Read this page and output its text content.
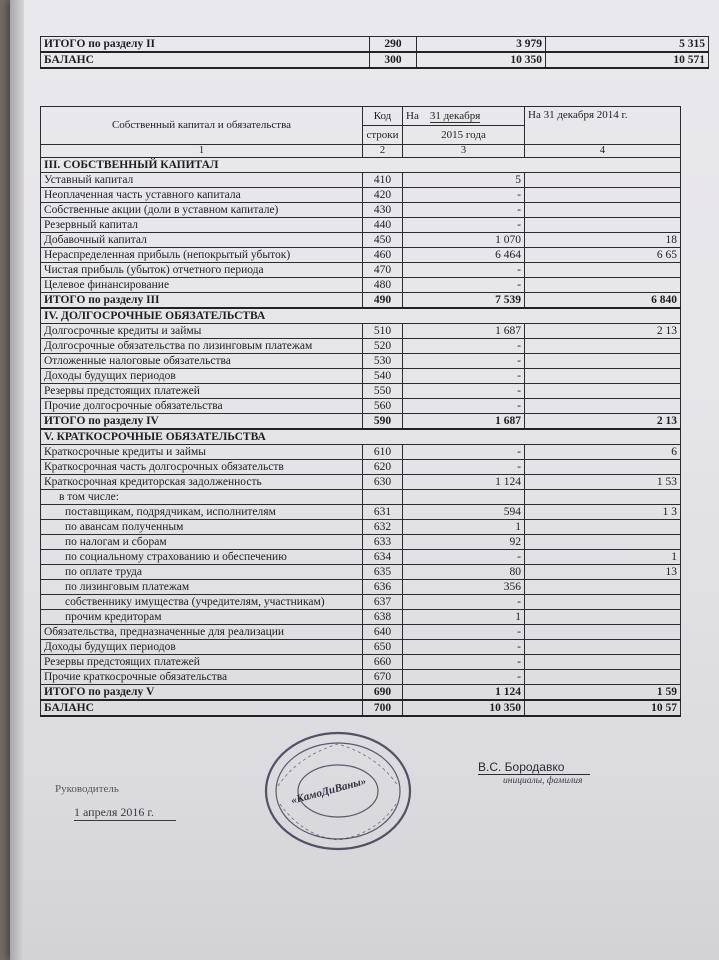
ИТОГО по разделу II	290	3 979	5 315
БАЛАНС	300	10 350	10 571
Собственный капитал и обязательства	Код	На 31 декабря	На 31 декабря 2014 г.
	строки	2015 года	
1	2	3	4
III. СОБСТВЕННЫЙ КАПИТАЛ			
Уставный капитал	410	5	
Неоплаченная часть уставного капитала	420	-	
Собственные акции (доли в уставном капитале)	430	-	
Резервный капитал	440	-	
Добавочный капитал	450	1 070	18
Нераспределенная прибыль (непокрытый убыток)	460	6 464	6 65
Чистая прибыль (убыток) отчетного периода	470	-	
Целевое финансирование	480	-	
ИТОГО по разделу III	490	7 539	6 840
IV. ДОЛГОСРОЧНЫЕ ОБЯЗАТЕЛЬСТВА			
Долгосрочные кредиты и займы	510	1 687	2 13
Долгосрочные обязательства по лизинговым платежам	520	-	
Отложенные налоговые обязательства	530	-	
Доходы будущих периодов	540	-	
Резервы предстоящих платежей	550	-	
Прочие долгосрочные обязательства	560	-	
ИТОГО по разделу IV	590	1 687	2 13
V. КРАТКОСРОЧНЫЕ ОБЯЗАТЕЛЬСТВА			
Краткосрочные кредиты и займы	610	-	6
Краткосрочная часть долгосрочных обязательств	620	-	
Краткосрочная кредиторская задолженность	630	1 124	1 53
в том числе:			
поставщикам, подрядчикам, исполнителям	631	594	1 3
по авансам полученным	632	1	
по налогам и сборам	633	92	
по социальному страхованию и обеспечению	634	-	1
по оплате труда	635	80	13
по лизинговым платежам	636	356	
собственнику имущества (учредителям, участникам)	637	-	
прочим кредиторам	638	1	
Обязательства, предназначенные для реализации	640	-	
Доходы будущих периодов	650	-	
Резервы предстоящих платежей	660	-	
Прочие краткосрочные обязательства	670	-	
ИТОГО по разделу V	690	1 124	1 59
БАЛАНС	700	10 350	10 57
«КамоДиВаны»
Руководитель
1 апреля 2016 г.
В.С. Бородавко
инициалы, фамилия
